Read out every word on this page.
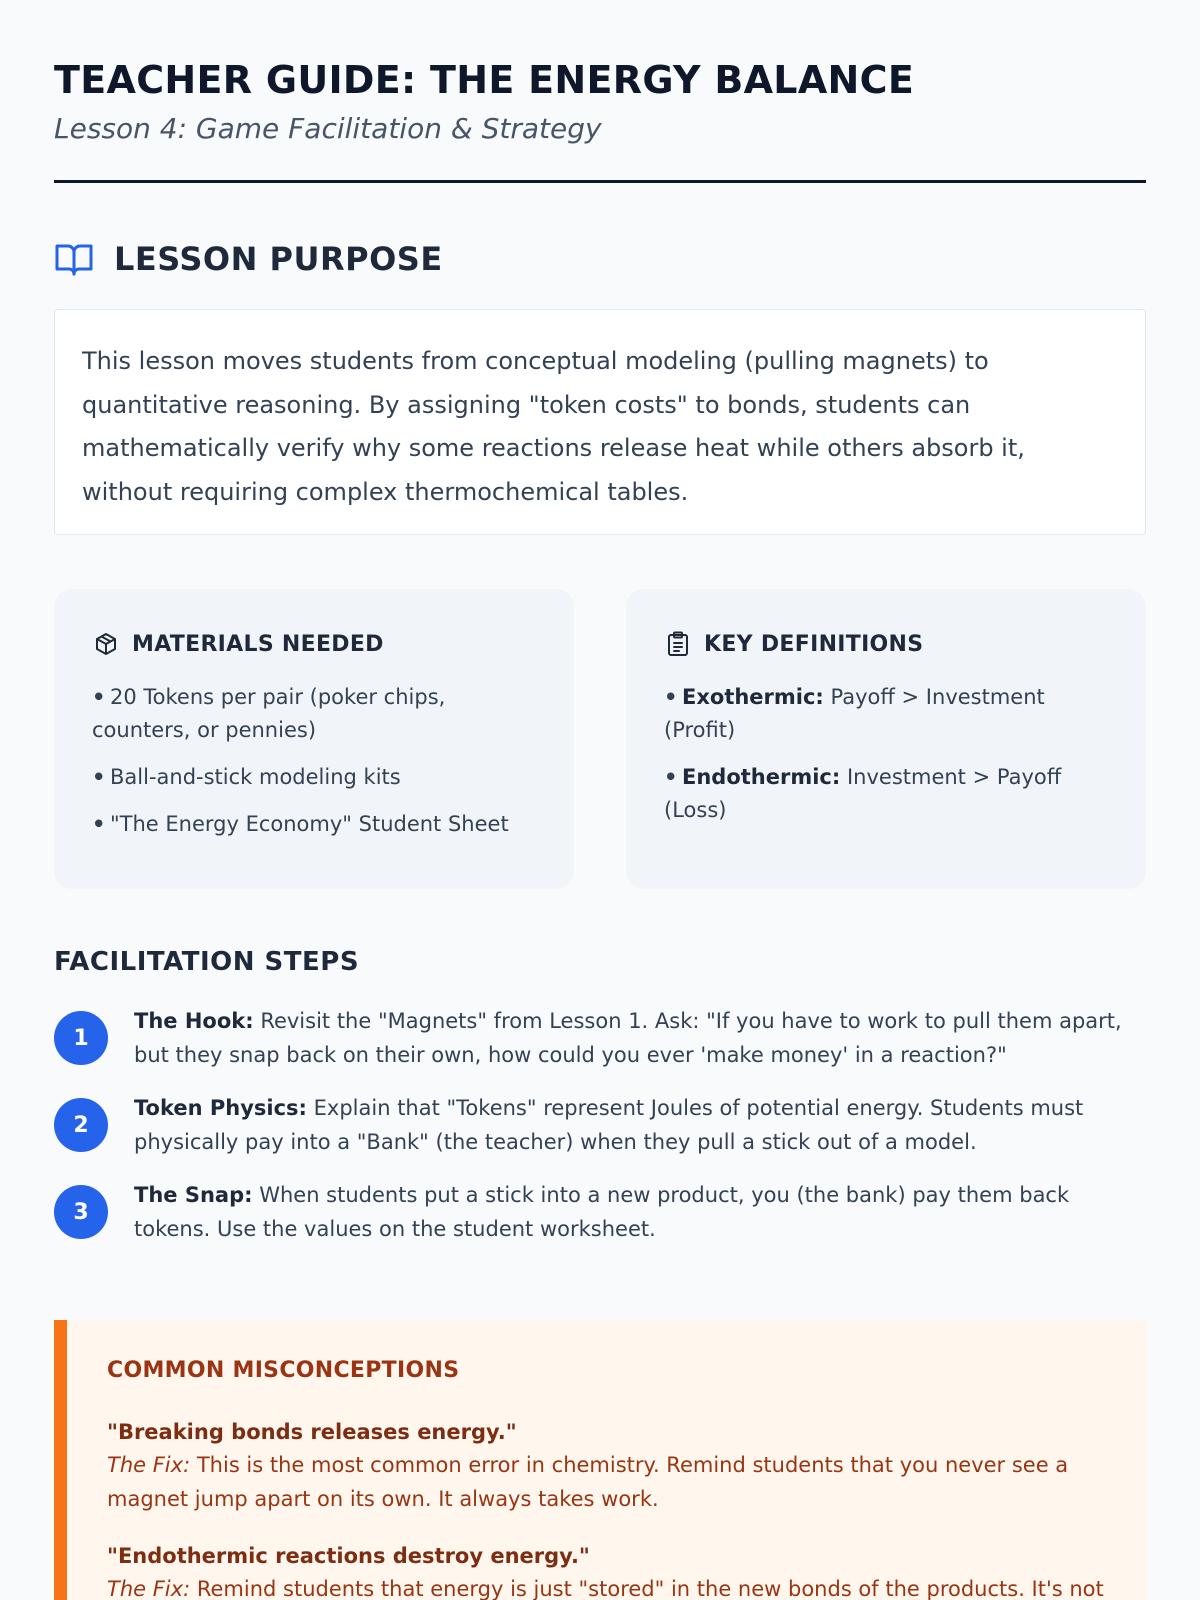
TEACHER GUIDE: THE ENERGY BALANCE
Lesson 4: Game Facilitation & Strategy
LESSON PURPOSE

This lesson moves students from conceptual modeling (pulling magnets) to quantitative reasoning. By assigning "token costs" to bonds, students can mathematically verify why some reactions release heat while others absorb it, without requiring complex thermochemical tables.

MATERIALS NEEDED
• 20 Tokens per pair (poker chips, counters, or pennies)
• Ball-and-stick modeling kits
• "The Energy Economy" Student Sheet
KEY DEFINITIONS
• Exothermic: Payoff > Investment (Profit)
• Endothermic: Investment > Payoff (Loss)
FACILITATION STEPS
1
The Hook: Revisit the "Magnets" from Lesson 1. Ask: "If you have to work to pull them apart, but they snap back on their own, how could you ever 'make money' in a reaction?"
2
Token Physics: Explain that "Tokens" represent Joules of potential energy. Students must physically pay into a "Bank" (the teacher) when they pull a stick out of a model.
3
The Snap: When students put a stick into a new product, you (the bank) pay them back tokens. Use the values on the student worksheet.
COMMON MISCONCEPTIONS
"Breaking bonds releases energy."
The Fix: This is the most common error in chemistry. Remind students that you never see a magnet jump apart on its own. It always takes work.
"Endothermic reactions destroy energy."
The Fix: Remind students that energy is just "stored" in the new bonds of the products. It's not
